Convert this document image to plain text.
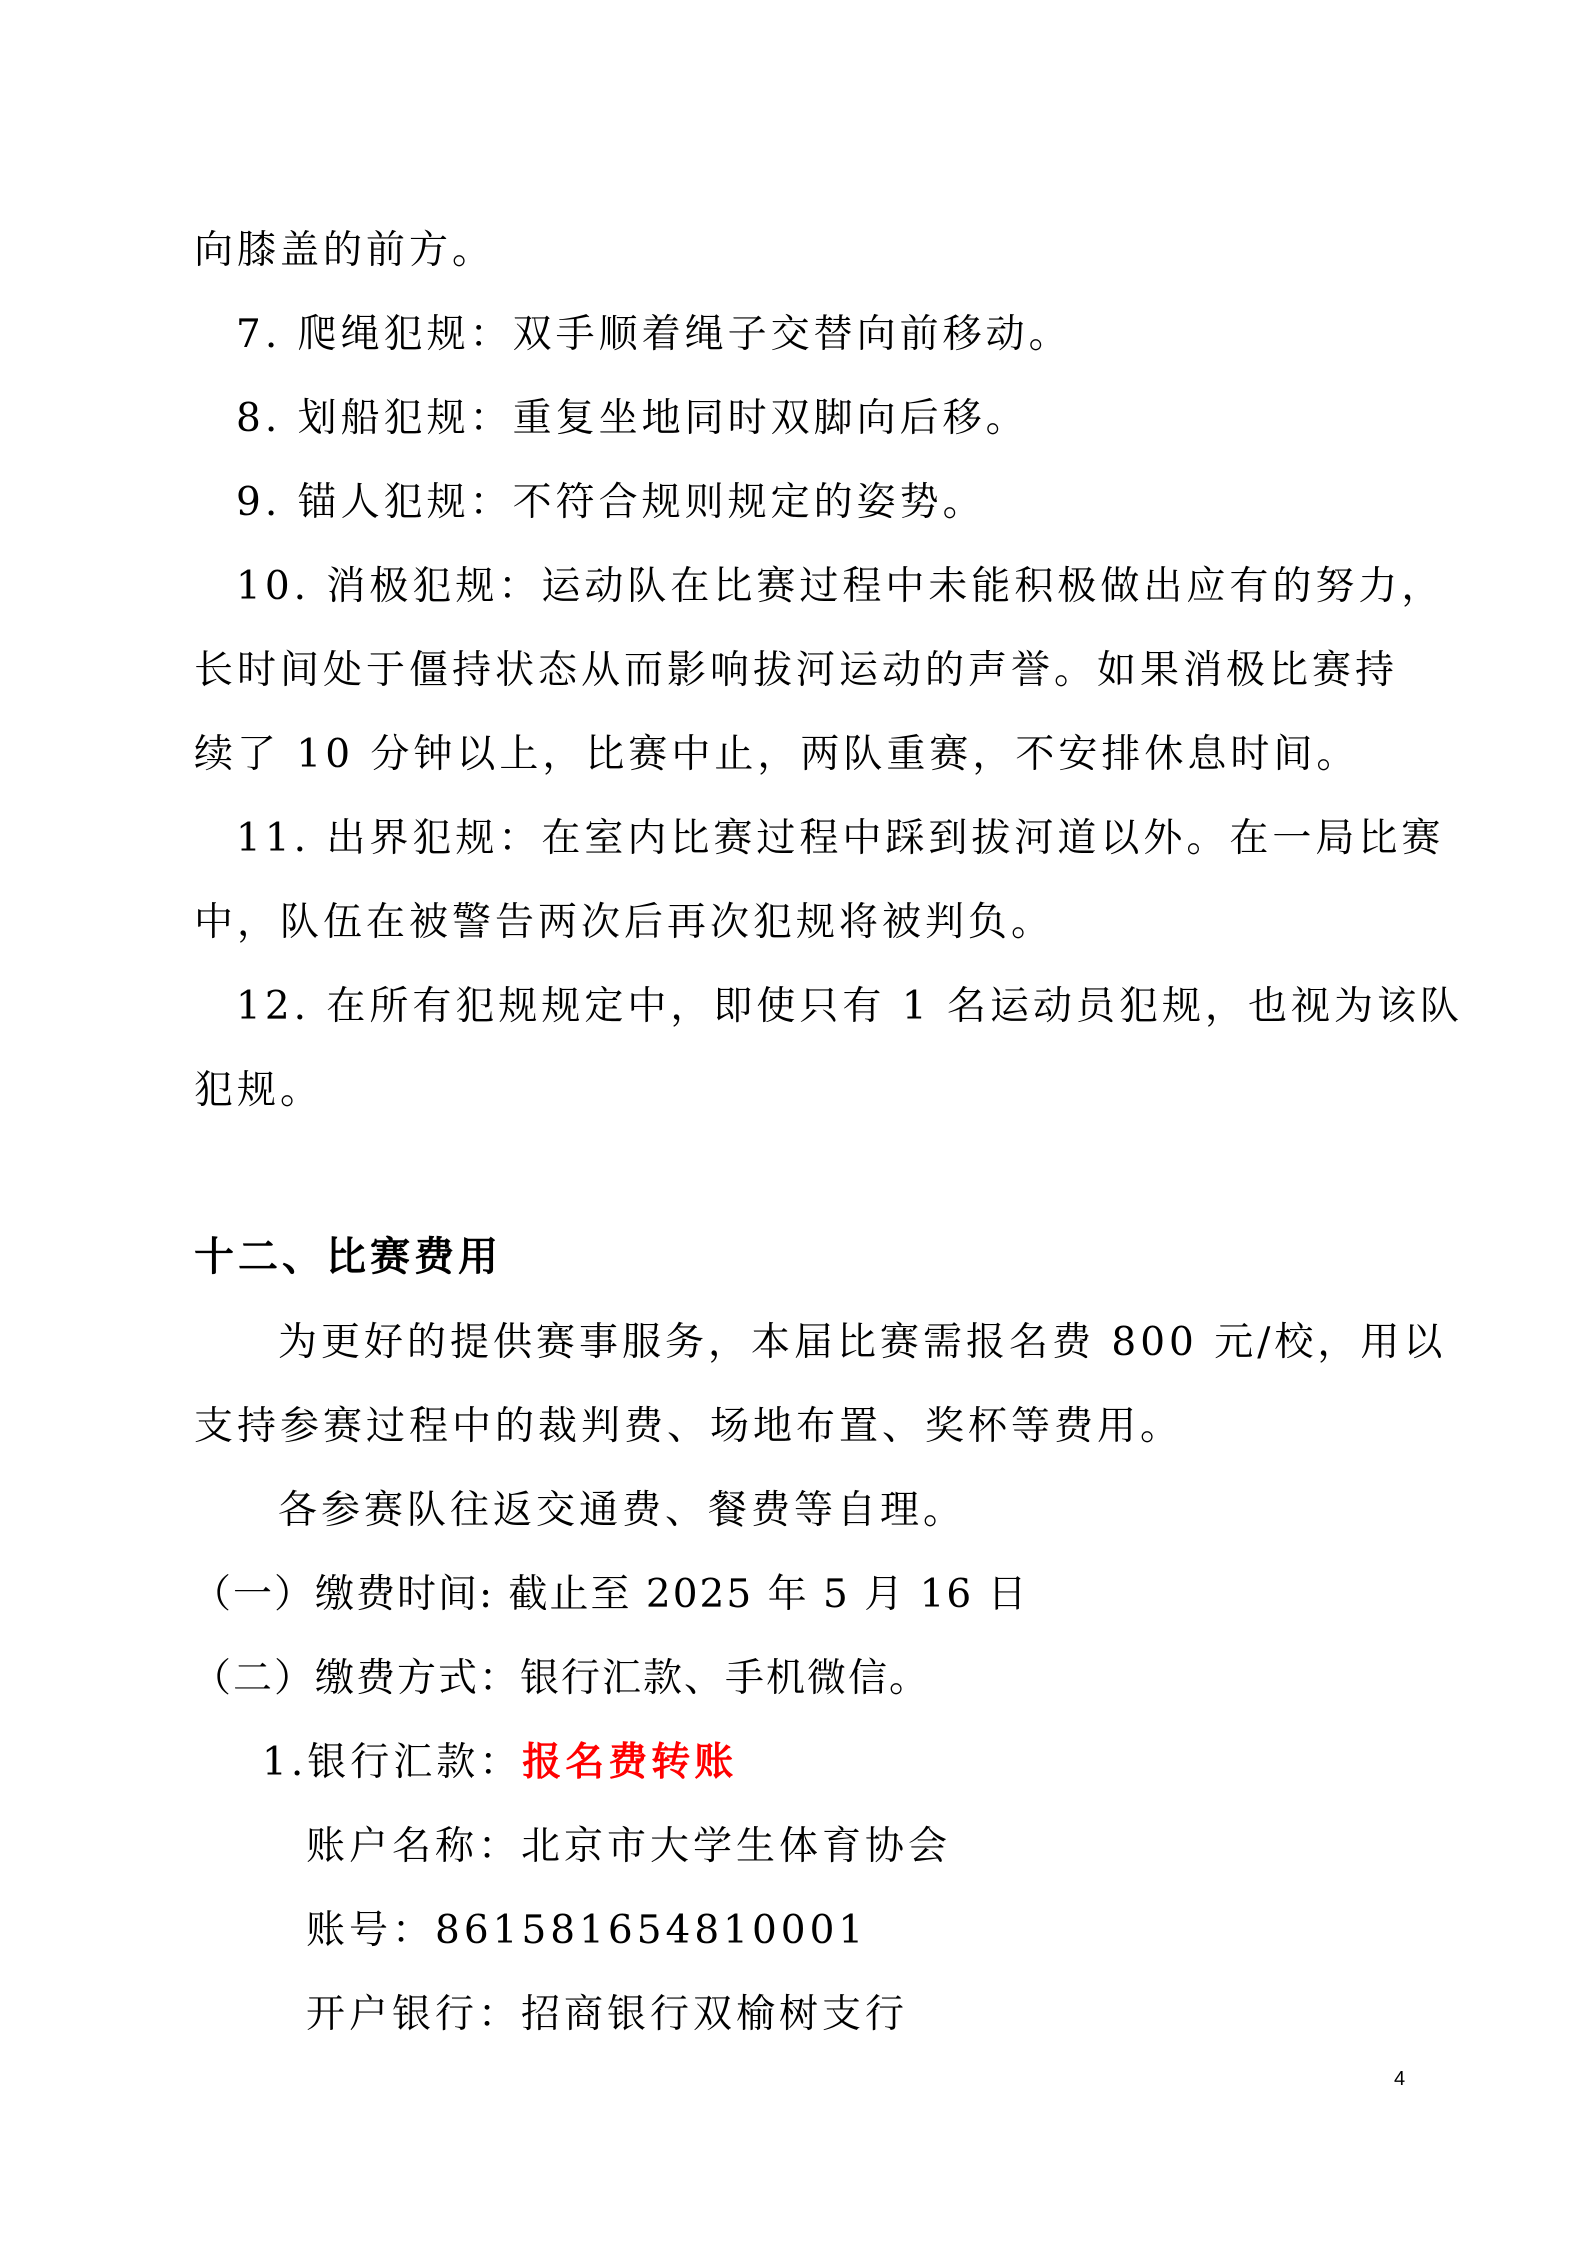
向膝盖的前方。
7. 爬绳犯规：双手顺着绳子交替向前移动。
8. 划船犯规：重复坐地同时双脚向后移。
9. 锚人犯规：不符合规则规定的姿势。
10. 消极犯规：运动队在比赛过程中未能积极做出应有的努力，
长时间处于僵持状态从而影响拔河运动的声誉。如果消极比赛持
续了 10 分钟以上，比赛中止，两队重赛，不安排休息时间。
11. 出界犯规：在室内比赛过程中踩到拔河道以外。在一局比赛
中，队伍在被警告两次后再次犯规将被判负。
12. 在所有犯规规定中，即使只有 1 名运动员犯规，也视为该队
犯规。
十二、比赛费用
为更好的提供赛事服务，本届比赛需报名费 800 元/校，用以
支持参赛过程中的裁判费、场地布置、奖杯等费用。
各参赛队往返交通费、餐费等自理。
（一）缴费时间: 截止至 2025 年 5 月 16 日
（二）缴费方式：银行汇款、手机微信。
1.银行汇款：报名费转账
账户名称：北京市大学生体育协会
账号：861581654810001
开户银行：招商银行双榆树支行
4
